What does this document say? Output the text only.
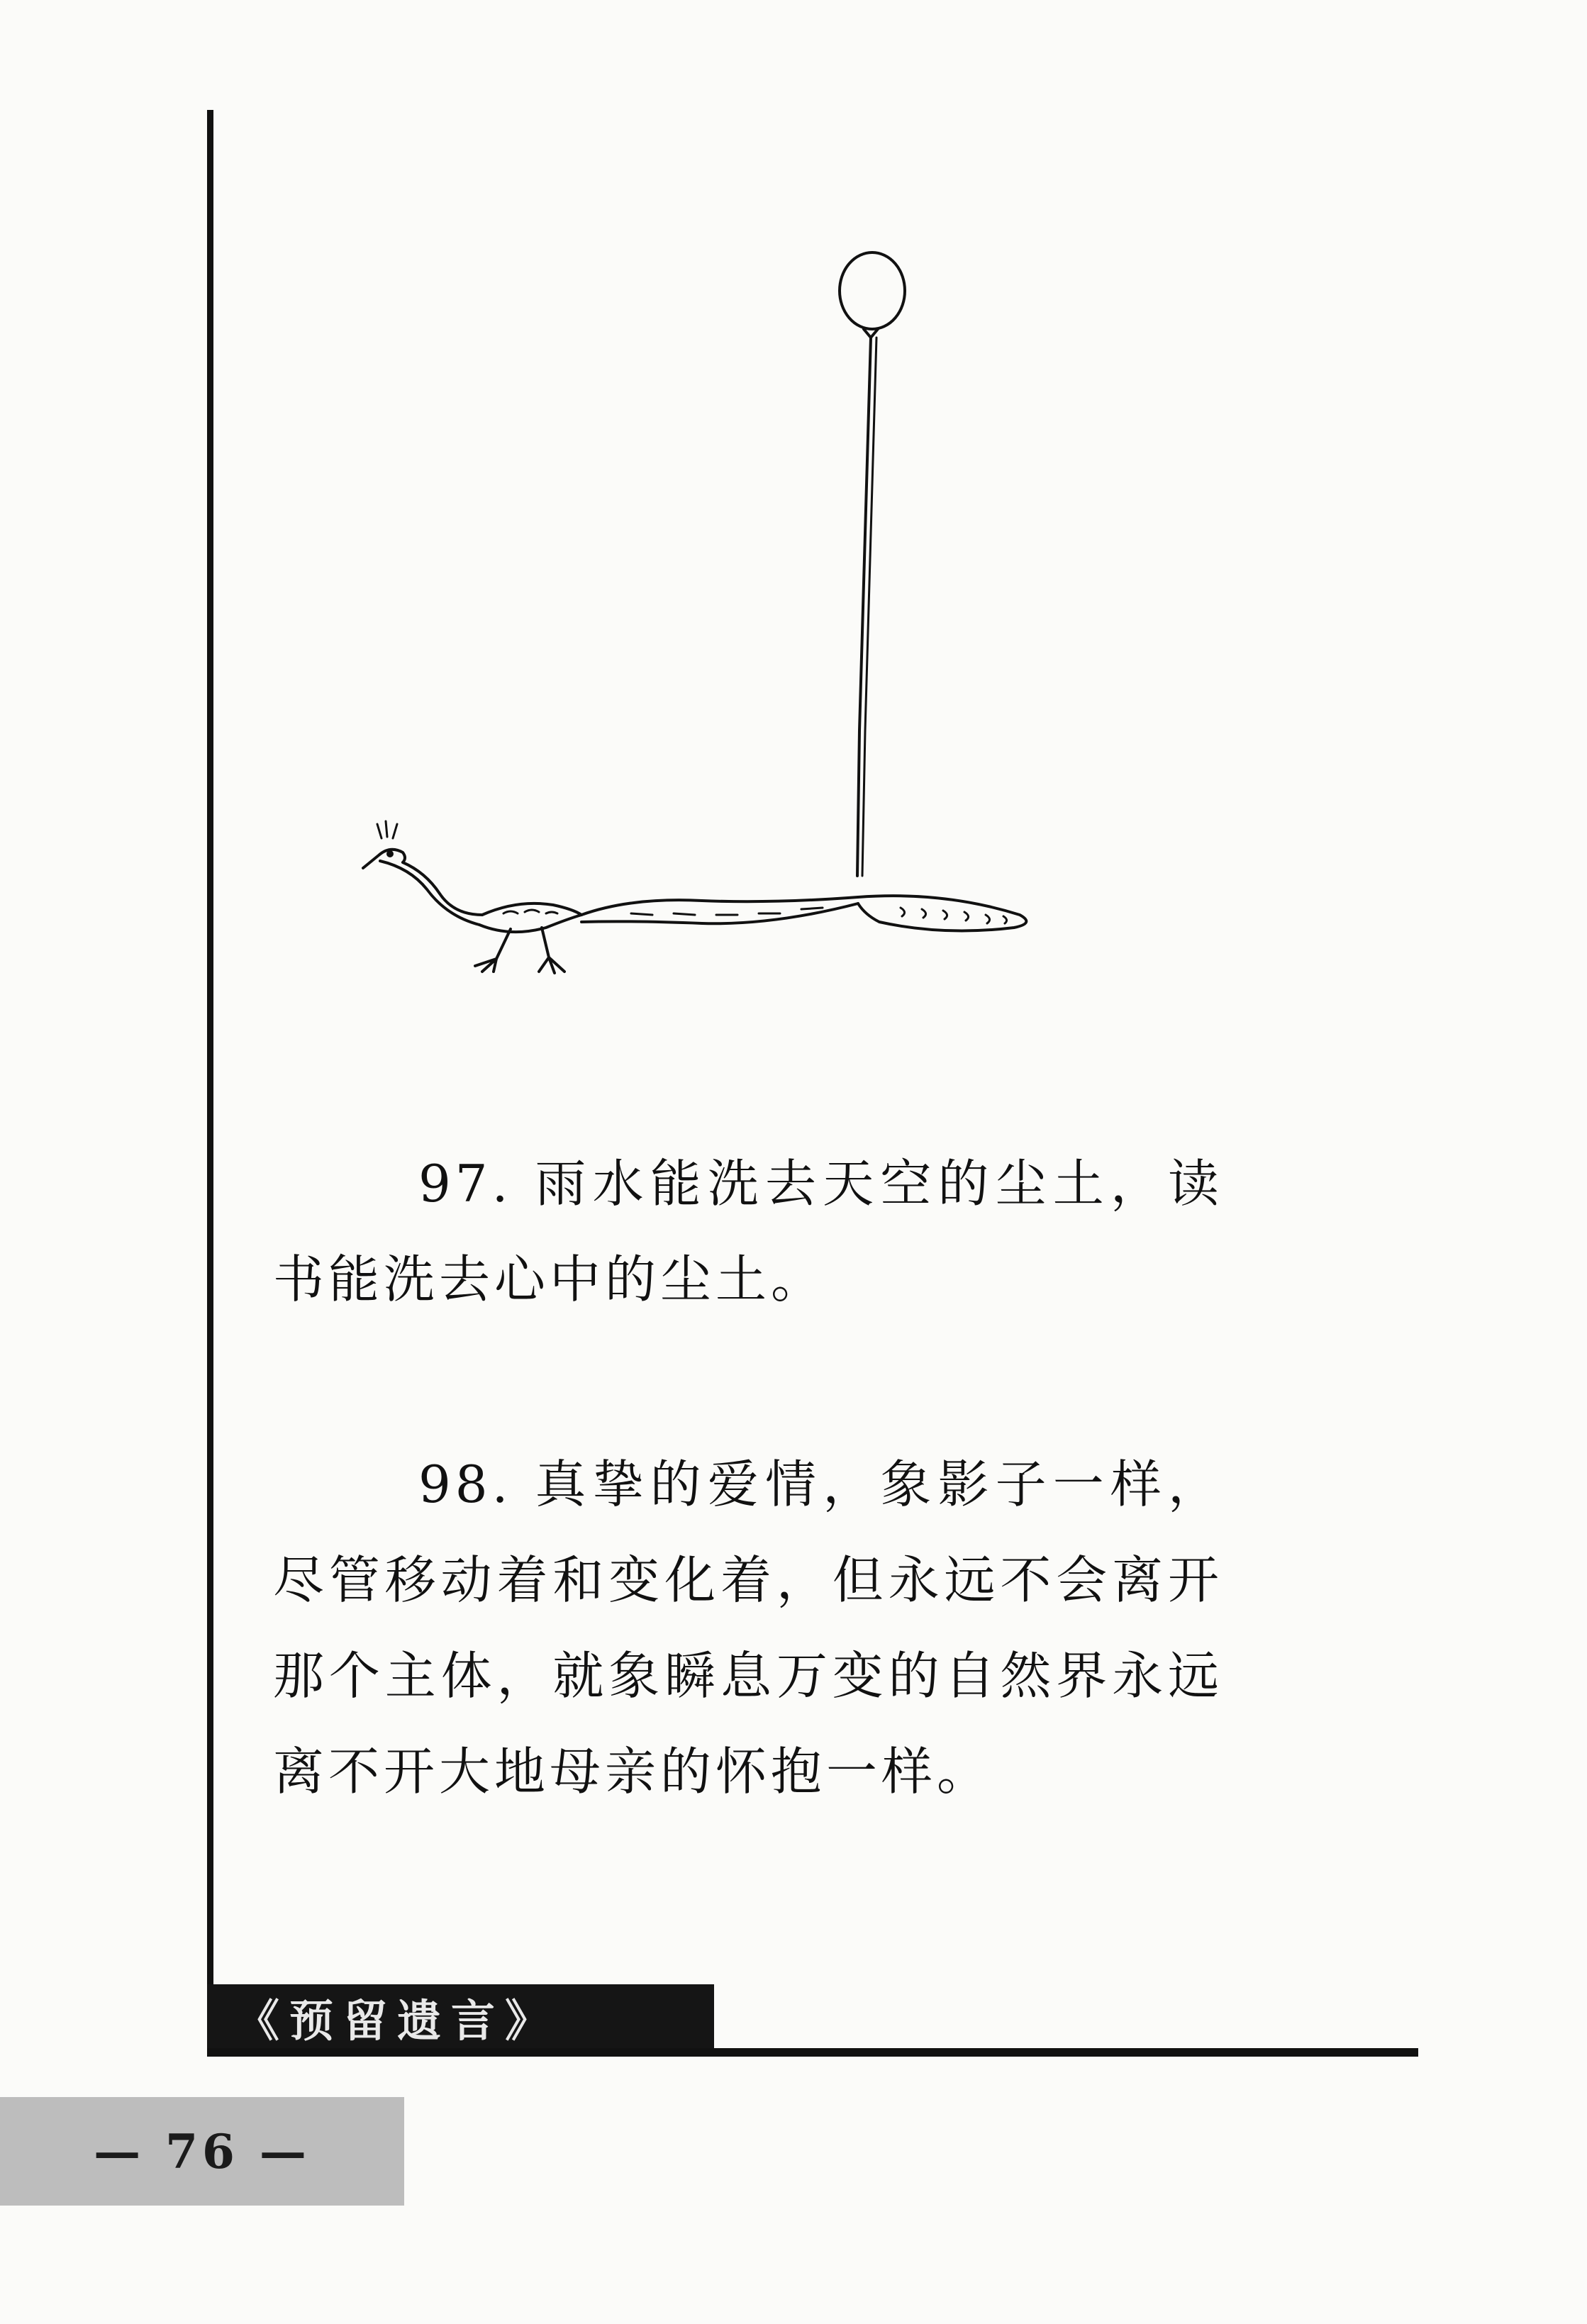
97. 雨水能洗去天空的尘土，读书能洗去心中的尘土。

98. 真挚的爱情，象影子一样，尽管移动着和变化着，但永远不会离开那个主体，就象瞬息万变的自然界永远离不开大地母亲的怀抱一样。

《预留遗言》
— 76 —
